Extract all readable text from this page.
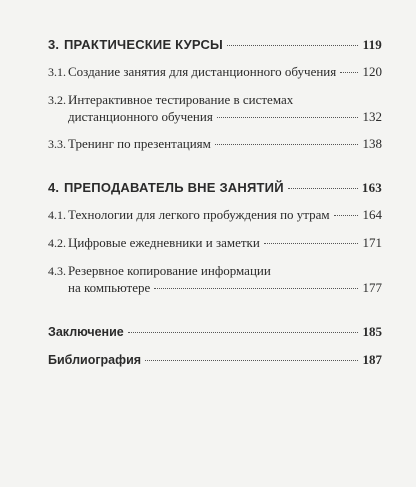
3. ПРАКТИЧЕСКИЕ КУРСЫ	119
3.1. Создание занятия для дистанционного обучения 120
3.2. Интерактивное тестирование в системах
дистанционного обучения	132
3.3. Тренинг по презентациям	138
4. ПРЕПОДАВАТЕЛЬ ВНЕ ЗАНЯТИЙ	163
4.1. Технологии для легкого пробуждения по утрам	164
4.2. Цифровые ежедневники и заметки	171
4.3. Резервное копирование информации
на компьютере	177
Заключение	185
Библиография	187
